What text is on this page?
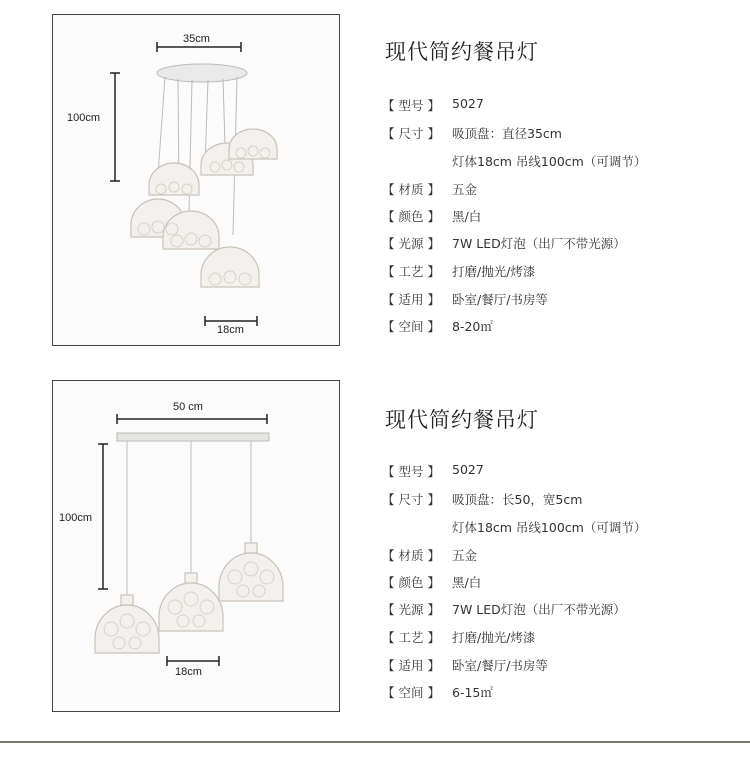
35cm
100cm
18cm
现代简约餐吊灯
【 型号 】 5027
【 尺寸 】 吸顶盘：直径35cm
灯体18cm 吊线100cm（可调节）
【 材质 】 五金
【 颜色 】 黑/白
【 光源 】 7W LED灯泡（出厂不带光源）
【 工艺 】 打磨/抛光/烤漆
【 适用 】 卧室/餐厅/书房等
【 空间 】 8-20㎡
50 cm
100cm
18cm
现代简约餐吊灯
【 型号 】 5027
【 尺寸 】 吸顶盘：长50，宽5cm
灯体18cm 吊线100cm（可调节）
【 材质 】 五金
【 颜色 】 黑/白
【 光源 】 7W LED灯泡（出厂不带光源）
【 工艺 】 打磨/抛光/烤漆
【 适用 】 卧室/餐厅/书房等
【 空间 】 6-15㎡
